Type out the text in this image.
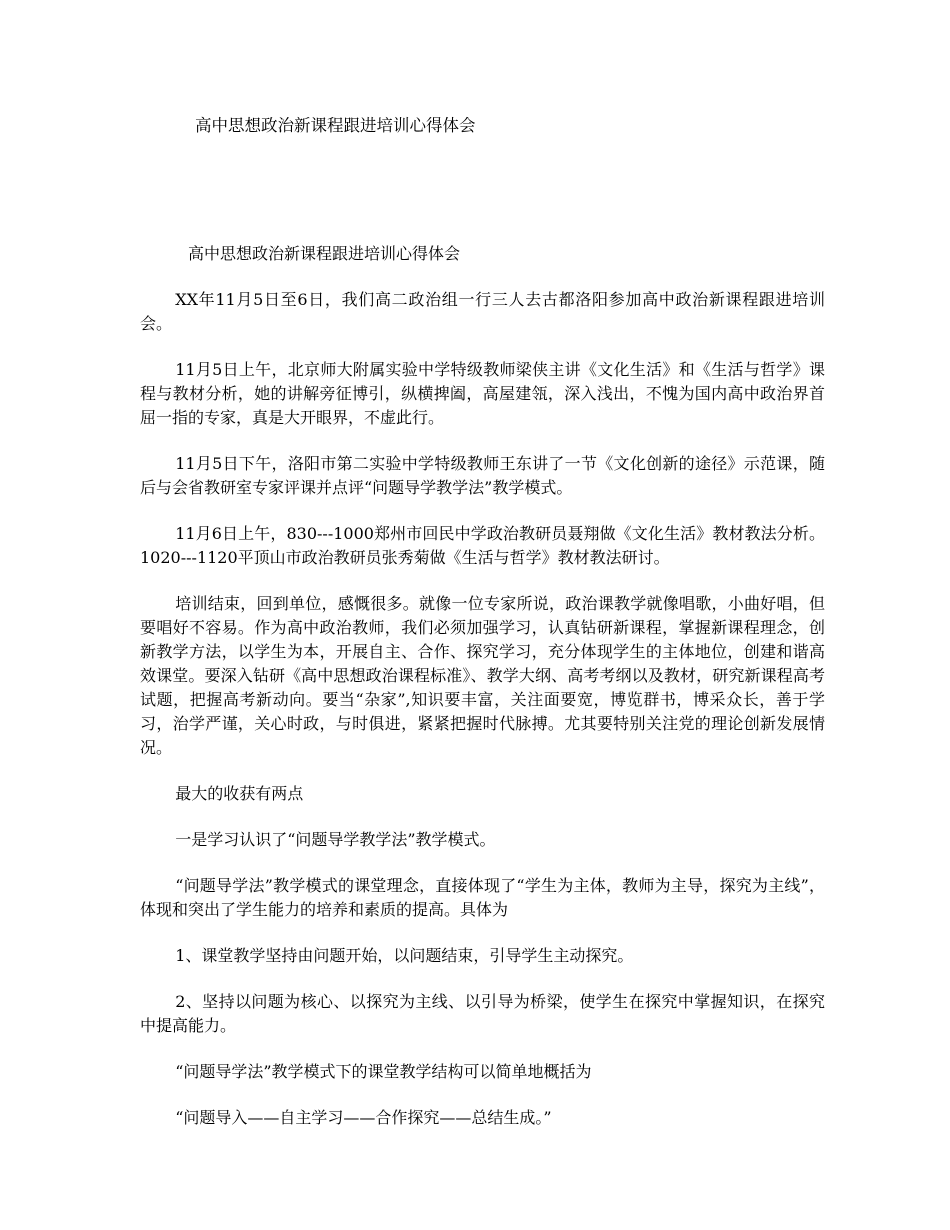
高中思想政治新课程跟进培训心得体会

高中思想政治新课程跟进培训心得体会

XX年11月5日至6日，我们高二政治组一行三人去古都洛阳参加高中政治新课程跟进培训会。

11月5日上午，北京师大附属实验中学特级教师梁侠主讲《文化生活》和《生活与哲学》课程与教材分析，她的讲解旁征博引，纵横捭阖，高屋建瓴，深入浅出，不愧为国内高中政治界首屈一指的专家，真是大开眼界，不虚此行。

11月5日下午，洛阳市第二实验中学特级教师王东讲了一节《文化创新的途径》示范课，随后与会省教研室专家评课并点评“问题导学教学法”教学模式。

11月6日上午，830---1000郑州市回民中学政治教研员聂翔做《文化生活》教材教法分析。1020---1120平顶山市政治教研员张秀菊做《生活与哲学》教材教法研讨。

培训结束，回到单位，感慨很多。就像一位专家所说，政治课教学就像唱歌，小曲好唱，但要唱好不容易。作为高中政治教师，我们必须加强学习，认真钻研新课程，掌握新课程理念，创新教学方法，以学生为本，开展自主、合作、探究学习，充分体现学生的主体地位，创建和谐高效课堂。要深入钻研《高中思想政治课程标准》、教学大纲、高考考纲以及教材，研究新课程高考试题，把握高考新动向。要当“杂家”,知识要丰富，关注面要宽，博览群书，博采众长，善于学习，治学严谨，关心时政，与时俱进，紧紧把握时代脉搏。尤其要特别关注党的理论创新发展情况。

最大的收获有两点

一是学习认识了“问题导学教学法”教学模式。

“问题导学法”教学模式的课堂理念，直接体现了“学生为主体，教师为主导，探究为主线”，体现和突出了学生能力的培养和素质的提高。具体为

1、课堂教学坚持由问题开始，以问题结束，引导学生主动探究。

2、坚持以问题为核心、以探究为主线、以引导为桥梁，使学生在探究中掌握知识，在探究中提高能力。

“问题导学法”教学模式下的课堂教学结构可以简单地概括为

“问题导入——自主学习——合作探究——总结生成。”
